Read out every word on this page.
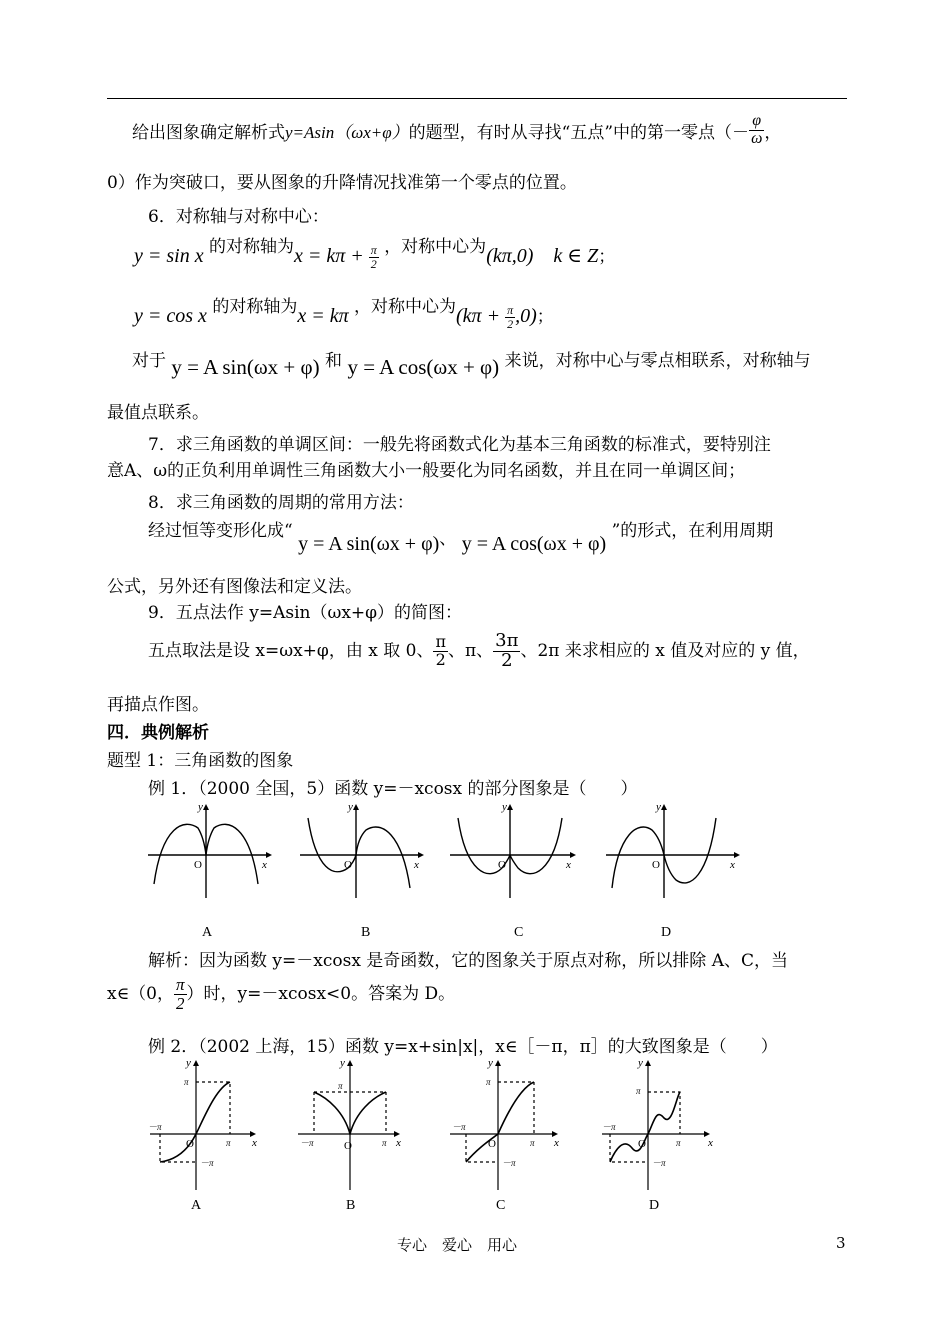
给出图象确定解析式y=Asin（ωx+φ）的题型，有时从寻找“五点”中的第一零点（－ $\frac{\varphi}{\omega}$ ，
0）作为突破口，要从图象的升降情况找准第一个零点的位置。
6．对称轴与对称中心：
y = sin x 的对称轴为$x = k\pi + \frac{\pi}{2}$ ，对称中心为(kπ,0)　k ∈ Z；
y = cos x 的对称轴为x = kπ ，对称中心为$(k\pi + \frac{\pi}{2} ,0)$；
对于 y = A sin(ωx + φ) 和 y = A cos(ωx + φ) 来说，对称中心与零点相联系，对称轴与
最值点联系。
7．求三角函数的单调区间：一般先将函数式化为基本三角函数的标准式，要特别注
意A、ω的正负利用单调性三角函数大小一般要化为同名函数，并且在同一单调区间；
8．求三角函数的周期的常用方法：
经过恒等变形化成“ y = A sin(ωx + φ)、 y = A cos(ωx + φ) ”的形式，在利用周期
公式，另外还有图像法和定义法。
9．五点法作 y=Asin（ωx+φ）的简图：
五点取法是设 x=ωx+φ，由 x 取 0、 $\frac{\pi}{2}$ 、π、 $\frac{3\pi}{2}$ 、2π 来求相应的 x 值及对应的 y 值，
再描点作图。
四．典例解析
题型 1：三角函数的图象
例 1．（2000 全国，5）函数 y=－xcosx 的部分图象是（　　）
y
x
O
y
x
O
y
x
O
y
x
O
A	B	C	D
解析：因为函数 y=－xcosx 是奇函数，它的图象关于原点对称，所以排除 A、C，当
x∈（0， $\frac{\pi}{2}$ ）时，y=－xcosx<0。答案为 D。
例 2．（2002 上海，15）函数 y=x+sin|x|，x∈［－π，π］的大致图象是（　　）
y
x
O
π
π
－π
－π
y
x
O
π
π
－π
y
x
O
π
π
－π
－π
y
x
O
π
π
－π
－π
A	B	C	D
专心　爱心　用心	3
